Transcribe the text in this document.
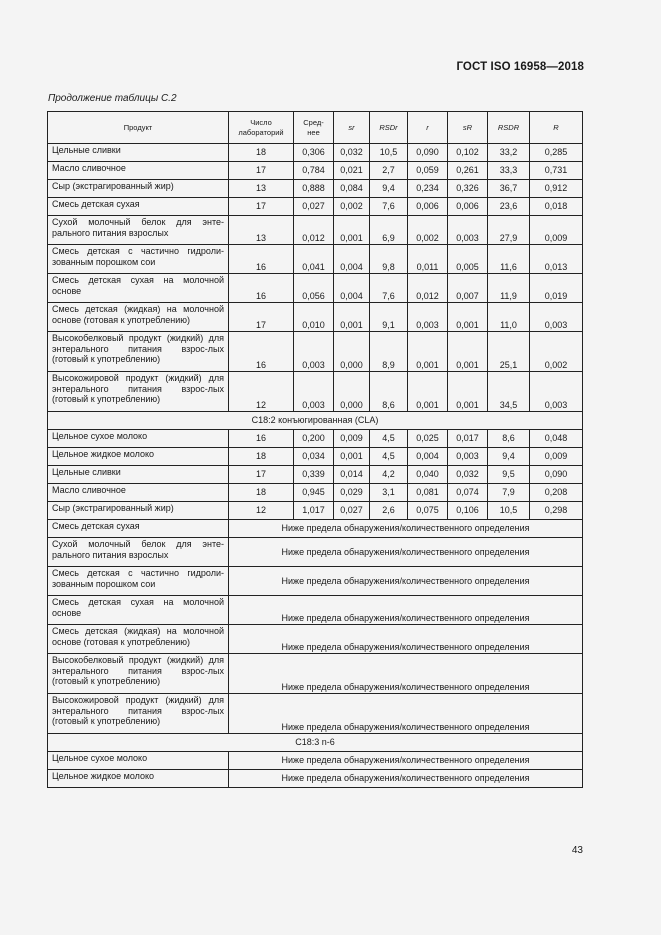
ГОСТ ISO 16958—2018
Продолжение таблицы С.2
Продукт	Число лабораторий	Сред-нее	sr	RSDr	r	sR	RSDR	R
Цельные сливки	18	0,306	0,032	10,5	0,090	0,102	33,2	0,285
Масло сливочное	17	0,784	0,021	2,7	0,059	0,261	33,3	0,731
Сыр (экстрагированный жир)	13	0,888	0,084	9,4	0,234	0,326	36,7	0,912
Смесь детская сухая	17	0,027	0,002	7,6	0,006	0,006	23,6	0,018
Сухой молочный белок для энте-рального питания взрослых	13	0,012	0,001	6,9	0,002	0,003	27,9	0,009
Смесь детская с частично гидроли-зованным порошком сои	16	0,041	0,004	9,8	0,011	0,005	11,6	0,013
Смесь детская сухая на молочной основе	16	0,056	0,004	7,6	0,012	0,007	11,9	0,019
Смесь детская (жидкая) на молочной основе (готовая к употреблению)	17	0,010	0,001	9,1	0,003	0,001	11,0	0,003
Высокобелковый продукт (жидкий) для энтерального питания взрос-лых (готовый к употреблению)	16	0,003	0,000	8,9	0,001	0,001	25,1	0,002
Высокожировой продукт (жидкий) для энтерального питания взрос-лых (готовый к употреблению)	12	0,003	0,000	8,6	0,001	0,001	34,5	0,003
C18:2 конъюгированная (CLA)								
Цельное сухое молоко	16	0,200	0,009	4,5	0,025	0,017	8,6	0,048
Цельное жидкое молоко	18	0,034	0,001	4,5	0,004	0,003	9,4	0,009
Цельные сливки	17	0,339	0,014	4,2	0,040	0,032	9,5	0,090
Масло сливочное	18	0,945	0,029	3,1	0,081	0,074	7,9	0,208
Сыр (экстрагированный жир)	12	1,017	0,027	2,6	0,075	0,106	10,5	0,298
Смесь детская сухая	Ниже предела обнаружения/количественного определения							
Сухой молочный белок для энте-рального питания взрослых	Ниже предела обнаружения/количественного определения							
Смесь детская с частично гидроли-зованным порошком сои	Ниже предела обнаружения/количественного определения							
Смесь детская сухая на молочной основе	Ниже предела обнаружения/количественного определения							
Смесь детская (жидкая) на молочной основе (готовая к употреблению)	Ниже предела обнаружения/количественного определения							
Высокобелковый продукт (жидкий) для энтерального питания взрос-лых (готовый к употреблению)	Ниже предела обнаружения/количественного определения							
Высокожировой продукт (жидкий) для энтерального питания взрос-лых (готовый к употреблению)	Ниже предела обнаружения/количественного определения							
C18:3 n-6								
Цельное сухое молоко	Ниже предела обнаружения/количественного определения							
Цельное жидкое молоко	Ниже предела обнаружения/количественного определения							
43
